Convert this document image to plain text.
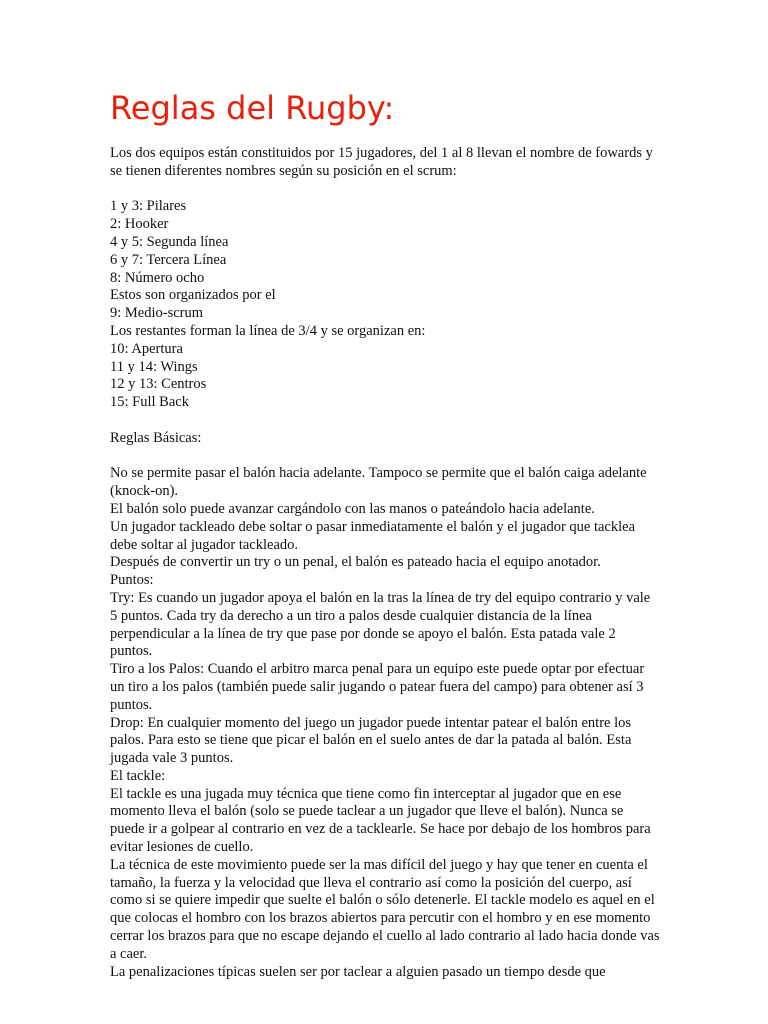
Reglas del Rugby:

Los dos equipos están constituidos por 15 jugadores, del 1 al 8 llevan el nombre de fowards y se tienen diferentes nombres según su posición en el scrum:

1 y 3: Pilares
2: Hooker
4 y 5: Segunda línea
6 y 7: Tercera Línea
8: Número ocho
Estos son organizados por el
9: Medio-scrum
Los restantes forman la línea de 3/4 y se organizan en:
10: Apertura
11 y 14: Wings
12 y 13: Centros
15: Full Back

Reglas Básicas:

No se permite pasar el balón hacia adelante. Tampoco se permite que el balón caiga adelante (knock-on).

El balón solo puede avanzar cargándolo con las manos o pateándolo hacia adelante.

Un jugador tackleado debe soltar o pasar inmediatamente el balón y el jugador que tacklea debe soltar al jugador tackleado.

Después de convertir un try o un penal, el balón es pateado hacia el equipo anotador.

Puntos:

Try: Es cuando un jugador apoya el balón en la tras la línea de try del equipo contrario y vale 5 puntos. Cada try da derecho a un tiro a palos desde cualquier distancia de la línea perpendicular a la línea de try que pase por donde se apoyo el balón. Esta patada vale 2 puntos.

Tiro a los Palos: Cuando el arbitro marca penal para un equipo este puede optar por efectuar un tiro a los palos (también puede salir jugando o patear fuera del campo) para obtener así 3 puntos.

Drop: En cualquier momento del juego un jugador puede intentar patear el balón entre los palos. Para esto se tiene que picar el balón en el suelo antes de dar la patada al balón. Esta jugada vale 3 puntos.

El tackle:

El tackle es una jugada muy técnica que tiene como fin interceptar al jugador que en ese momento lleva el balón (solo se puede taclear a un jugador que lleve el balón). Nunca se puede ir a golpear al contrario en vez de a tacklearle. Se hace por debajo de los hombros para evitar lesiones de cuello.

La técnica de este movimiento puede ser la mas difícil del juego y hay que tener en cuenta el tamaño, la fuerza y la velocidad que lleva el contrario así como la posición del cuerpo, así como si se quiere impedir que suelte el balón o sólo detenerle. El tackle modelo es aquel en el que colocas el hombro con los brazos abiertos para percutir con el hombro y en ese momento cerrar los brazos para que no escape dejando el cuello al lado contrario al lado hacia donde vas a caer.

La penalizaciones típicas suelen ser por taclear a alguien pasado un tiempo desde que
